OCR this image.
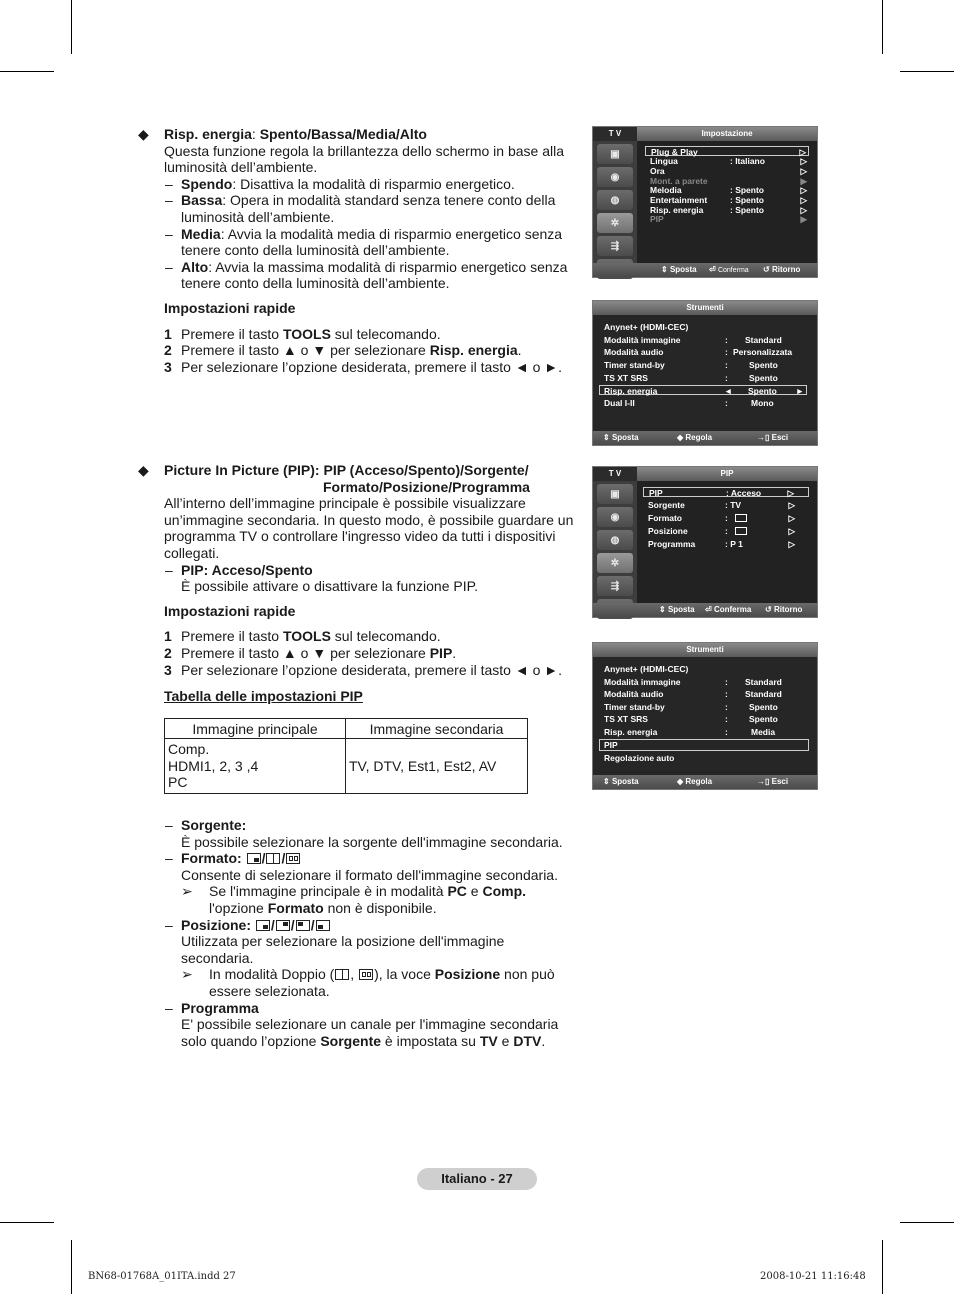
◆ Risp. energia: Spento/Bassa/Media/Alto

Questa funzione regola la brillantezza dello schermo in base alla luminosità dell’ambiente.

– Spendo: Disattiva la modalità di risparmio energetico.

– Bassa: Opera in modalità standard senza tenere conto della luminosità dell’ambiente.

– Media: Avvia la modalità media di risparmio energetico senza tenere conto della luminosità dell’ambiente.

– Alto: Avvia la massima modalità di risparmio energetico senza tenere conto della luminosità dell’ambiente.

Impostazioni rapide

1 Premere il tasto TOOLS sul telecomando.

2 Premere il tasto ▲ o ▼ per selezionare Risp. energia.

3 Per selezionare l’opzione desiderata, premere il tasto ◄ o ►.

◆ Picture In Picture (PIP): PIP (Acceso/Spento)/Sorgente/

Formato/Posizione/Programma

All’interno dell’immagine principale è possibile visualizzare un’immagine secondaria. In questo modo, è possibile guardare un programma TV o controllare l'ingresso video da tutti i dispositivi collegati.

– PIP: Acceso/Spento

È possibile attivare o disattivare la funzione PIP.

Impostazioni rapide

1 Premere il tasto TOOLS sul telecomando.

2 Premere il tasto ▲ o ▼ per selezionare PIP.

3 Per selezionare l’opzione desiderata, premere il tasto ◄ o ►.

Tabella delle impostazioni PIP

Immagine principale	Immagine secondaria

Comp.
HDMI1, 2, 3 ,4
PC	TV, DTV, Est1, Est2, AV

– Sorgente:

È possibile selezionare la sorgente dell'immagine secondaria.

– Formato: / /

Consente di selezionare il formato dell'immagine secondaria.

➢ Se l'immagine principale è in modalità PC e Comp. l'opzione Formato non è disponibile.

– Posizione: / / /

Utilizzata per selezionare la posizione dell'immagine secondaria.

➢ In modalità Doppio ( ,
), la voce Posizione non può essere selezionata.

– Programma

E' possibile selezionare un canale per l'immagine secondaria solo quando l’opzione Sorgente è impostata su TV e DTV.

T V	Impostazione
▣
◉
◍
✲
⇶
Plug & Play	▷
Lingua	: Italiano	▷
Ora	▷
Mont. a parete	▶
Melodia	: Spento	▷
Entertainment	: Spento	▷
Risp. energia	: Spento	▷
PIP	▶
⇕ Sposta ⏎ Conferma ↺ Ritorno
Strumenti
Anynet+ (HDMI-CEC)
Modalità immagine	: Standard
Modalità audio	: Personalizzata
Timer stand-by	: Spento
TS XT SRS	: Spento
Risp. energia	◄ Spento ►
Dual I-II	:	Mono
⇕ Sposta	◆ Regola	→▯ Esci
T V	PIP
▣
◉
◍
✲
⇶
PIP	: Acceso	▷
Sorgente	: TV	▷
Formato	:	▷
Posizione	:	▷
Programma	: P 1	▷
⇕ Sposta ⏎ Conferma ↺ Ritorno
Strumenti
Anynet+ (HDMI-CEC)
Modalità immagine	: Standard
Modalità audio	: Standard
Timer stand-by	: Spento
TS XT SRS	: Spento
Risp. energia	:	Media
PIP
Regolazione auto
⇕ Sposta	◆ Regola	→▯ Esci
Italiano - 27
BN68-01768A_01ITA.indd 27	2008-10-21 11:16:48
